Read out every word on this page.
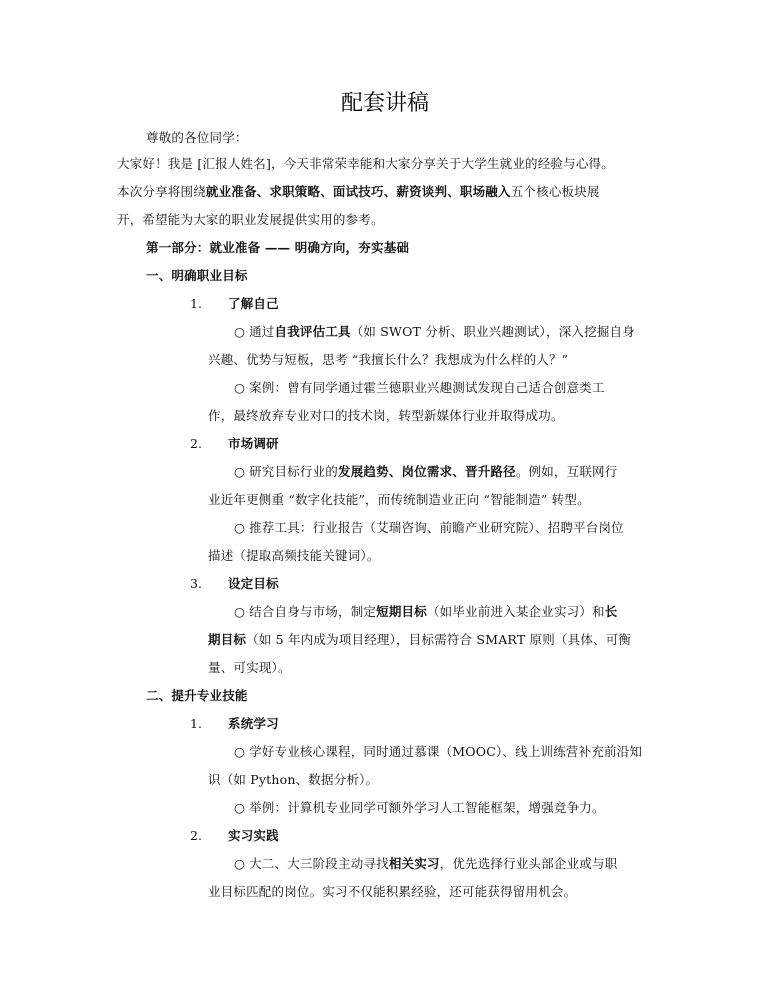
配套讲稿
尊敬的各位同学：
大家好！我是 [汇报人姓名]，今天非常荣幸能和大家分享关于大学生就业的经验与心得。
本次分享将围绕就业准备、求职策略、面试技巧、薪资谈判、职场融入五个核心板块展
开，希望能为大家的职业发展提供实用的参考。
第一部分：就业准备 —— 明确方向，夯实基础
一、明确职业目标
1. 了解自己
○ 通过自我评估工具（如 SWOT 分析、职业兴趣测试），深入挖掘自身
兴趣、优势与短板，思考 “我擅长什么？我想成为什么样的人？”
○ 案例：曾有同学通过霍兰德职业兴趣测试发现自己适合创意类工
作，最终放弃专业对口的技术岗，转型新媒体行业并取得成功。
2. 市场调研
○ 研究目标行业的发展趋势、岗位需求、晋升路径。例如，互联网行
业近年更侧重 “数字化技能”，而传统制造业正向 “智能制造” 转型。
○ 推荐工具：行业报告（艾瑞咨询、前瞻产业研究院）、招聘平台岗位
描述（提取高频技能关键词）。
3. 设定目标
○ 结合自身与市场，制定短期目标（如毕业前进入某企业实习）和长
期目标（如 5 年内成为项目经理），目标需符合 SMART 原则（具体、可衡
量、可实现）。
二、提升专业技能
1. 系统学习
○ 学好专业核心课程，同时通过慕课（MOOC）、线上训练营补充前沿知
识（如 Python、数据分析）。
○ 举例：计算机专业同学可额外学习人工智能框架，增强竞争力。
2. 实习实践
○ 大二、大三阶段主动寻找相关实习，优先选择行业头部企业或与职
业目标匹配的岗位。实习不仅能积累经验，还可能获得留用机会。
